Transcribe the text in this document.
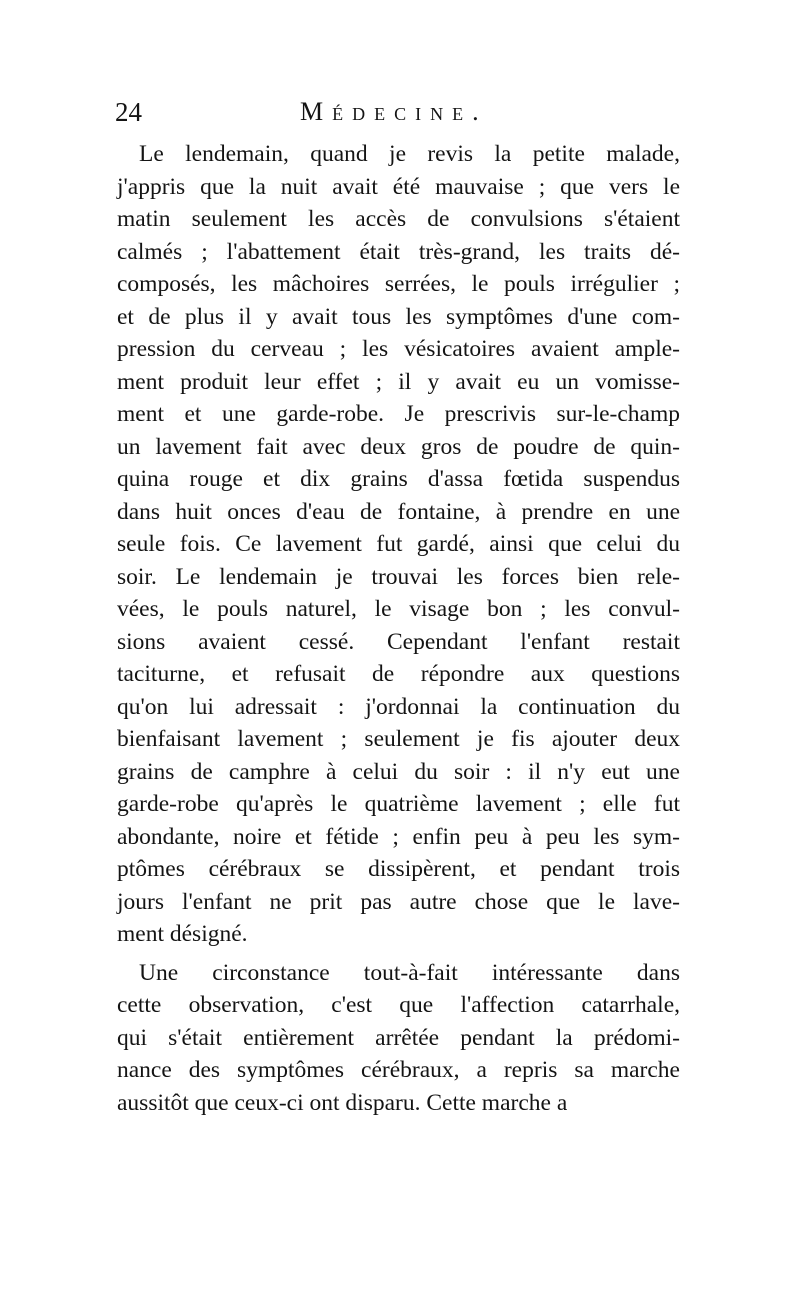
24	Médecine.
Le lendemain, quand je revis la petite malade,
j'appris que la nuit avait été mauvaise ; que vers le
matin seulement les accès de convulsions s'étaient
calmés ; l'abattement était très-grand, les traits dé-
composés, les mâchoires serrées, le pouls irrégulier ;
et de plus il y avait tous les symptômes d'une com-
pression du cerveau ; les vésicatoires avaient ample-
ment produit leur effet ; il y avait eu un vomisse-
ment et une garde-robe. Je prescrivis sur-le-champ
un lavement fait avec deux gros de poudre de quin-
quina rouge et dix grains d'assa fœtida suspendus
dans huit onces d'eau de fontaine, à prendre en une
seule fois. Ce lavement fut gardé, ainsi que celui du
soir. Le lendemain je trouvai les forces bien rele-
vées, le pouls naturel, le visage bon ; les convul-
sions avaient cessé. Cependant l'enfant restait
taciturne, et refusait de répondre aux questions
qu'on lui adressait : j'ordonnai la continuation du
bienfaisant lavement ; seulement je fis ajouter deux
grains de camphre à celui du soir : il n'y eut une
garde-robe qu'après le quatrième lavement ; elle fut
abondante, noire et fétide ; enfin peu à peu les sym-
ptômes cérébraux se dissipèrent, et pendant trois
jours l'enfant ne prit pas autre chose que le lave-
ment désigné.
Une circonstance tout-à-fait intéressante dans
cette observation, c'est que l'affection catarrhale,
qui s'était entièrement arrêtée pendant la prédomi-
nance des symptômes cérébraux, a repris sa marche
aussitôt que ceux-ci ont disparu. Cette marche a
